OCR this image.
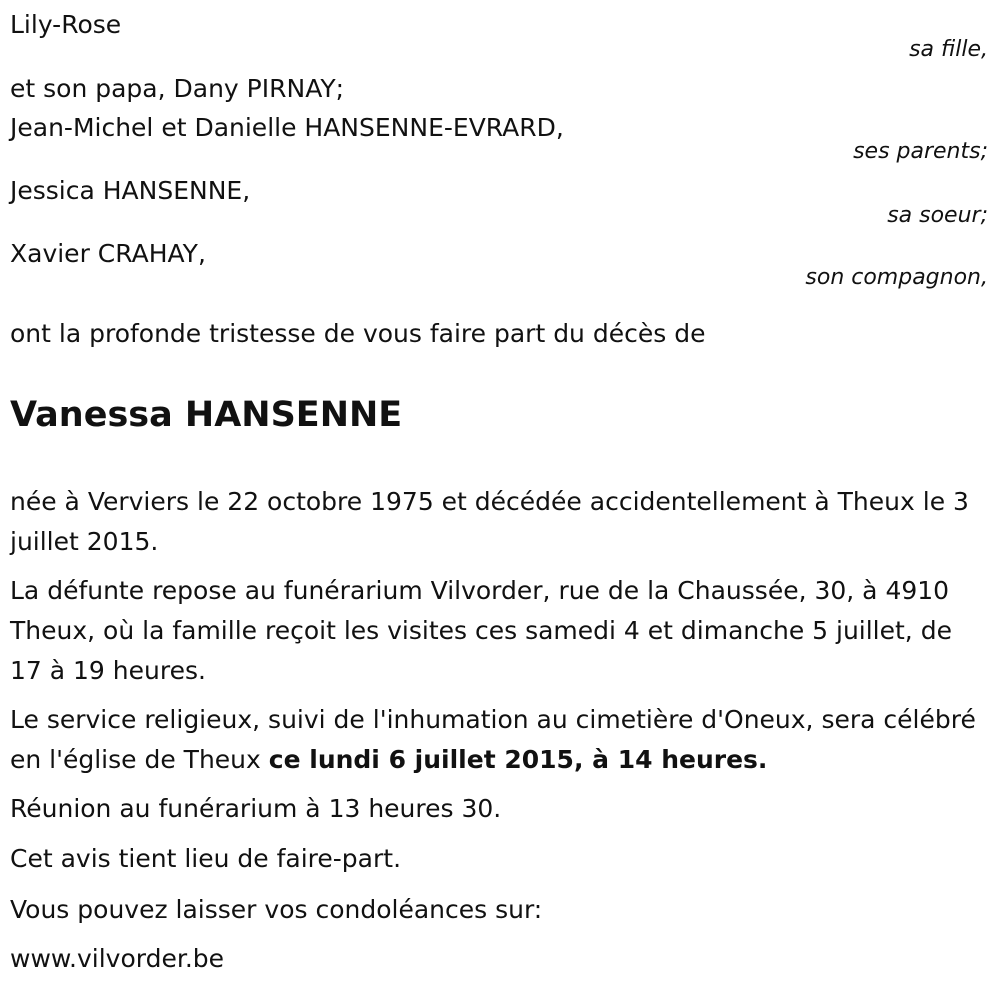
Lily-Rose
sa fille,
et son papa, Dany PIRNAY;
Jean-Michel et Danielle HANSENNE-EVRARD,
ses parents;
Jessica HANSENNE,
sa soeur;
Xavier CRAHAY,
son compagnon,
ont la profonde tristesse de vous faire part du décès de
Vanessa HANSENNE
née à Verviers le 22 octobre 1975 et décédée accidentellement à Theux le 3 juillet 2015.
La défunte repose au funérarium Vilvorder, rue de la Chaussée, 30, à 4910 Theux, où la famille reçoit les visites ces samedi 4 et dimanche 5 juillet, de 17 à 19 heures.
Le service religieux, suivi de l'inhumation au cimetière d'Oneux, sera célébré en l'église de Theux ce lundi 6 juillet 2015, à 14 heures.
Réunion au funérarium à 13 heures 30.
Cet avis tient lieu de faire-part.
Vous pouvez laisser vos condoléances sur:
www.vilvorder.be
